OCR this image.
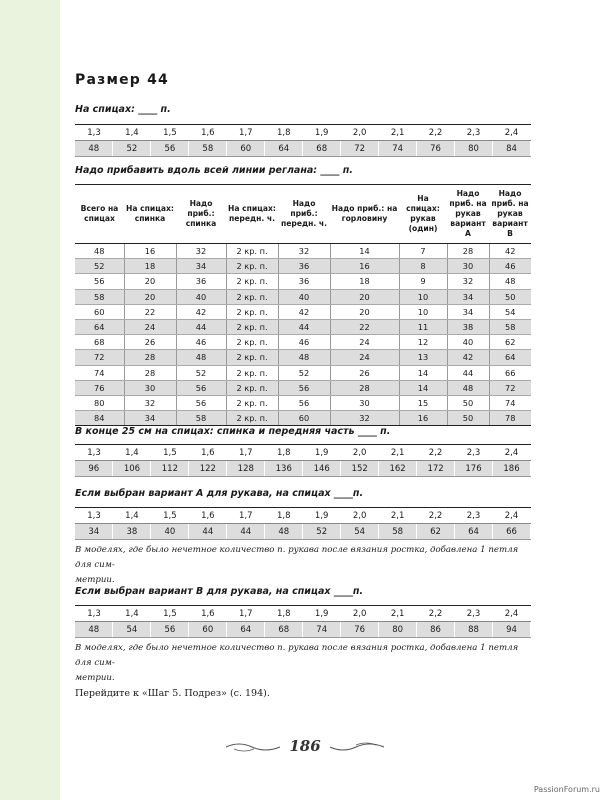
Размер 44
На спицах: ____ п.
1,3	1,4	1,5	1,6	1,7	1,8	1,9	2,0	2,1	2,2	2,3	2,4
48	52	56	58	60	64	68	72	74	76	80	84
Надо прибавить вдоль всей линии реглана: ____ п.
Всего на спицах	На спицах: спинка	Надо приб.: спинка	На спицах: передн. ч.	Надо приб.: передн. ч.	Надо приб.: на горловину	На спицах: рукав (один)	Надо приб. на рукав вариант А	Надо приб. на рукав вариант В
48	16	32	2 кр. п.	32	14	7	28	42
52	18	34	2 кр. п.	36	16	8	30	46
56	20	36	2 кр. п.	36	18	9	32	48
58	20	40	2 кр. п.	40	20	10	34	50
60	22	42	2 кр. п.	42	20	10	34	54
64	24	44	2 кр. п.	44	22	11	38	58
68	26	46	2 кр. п.	46	24	12	40	62
72	28	48	2 кр. п.	48	24	13	42	64
74	28	52	2 кр. п.	52	26	14	44	66
76	30	56	2 кр. п.	56	28	14	48	72
80	32	56	2 кр. п.	56	30	15	50	74
84	34	58	2 кр. п.	60	32	16	50	78
В конце 25 см на спицах: спинка и передняя часть ____ п.
1,3	1,4	1,5	1,6	1,7	1,8	1,9	2,0	2,1	2,2	2,3	2,4
96	106	112	122	128	136	146	152	162	172	176	186
Если выбран вариант А для рукава, на спицах ____п.
1,3	1,4	1,5	1,6	1,7	1,8	1,9	2,0	2,1	2,2	2,3	2,4
34	38	40	44	44	48	52	54	58	62	64	66
В моделях, где было нечетное количество п. рукава после вязания ростка, добавлена 1 петля для сим-
метрии.
Если выбран вариант В для рукава, на спицах ____п.
1,3	1,4	1,5	1,6	1,7	1,8	1,9	2,0	2,1	2,2	2,3	2,4
48	54	56	60	64	68	74	76	80	86	88	94
В моделях, где было нечетное количество п. рукава после вязания ростка, добавлена 1 петля для сим-
метрии.
Перейдите к «Шаг 5. Подрез» (с. 194).
186
PassionForum.ru
